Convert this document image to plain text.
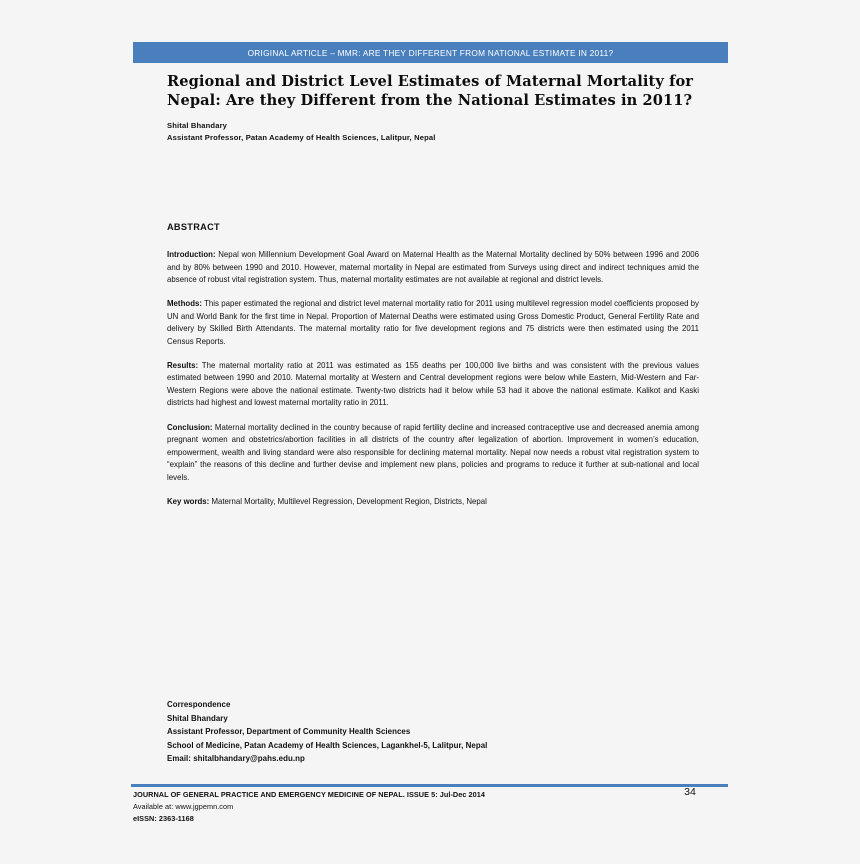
ORIGINAL ARTICLE – MMR: ARE THEY DIFFERENT FROM NATIONAL ESTIMATE IN 2011?
Regional and District Level Estimates of Maternal Mortality for Nepal: Are they Different from the National Estimates in 2011?
Shital Bhandary
Assistant Professor, Patan Academy of Health Sciences, Lalitpur, Nepal
ABSTRACT

Introduction: Nepal won Millennium Development Goal Award on Maternal Health as the Maternal Mortality declined by 50% between 1996 and 2006 and by 80% between 1990 and 2010. However, maternal mortality in Nepal are estimated from Surveys using direct and indirect techniques amid the absence of robust vital registration system. Thus, maternal mortality estimates are not available at regional and district levels.

Methods: This paper estimated the regional and district level maternal mortality ratio for 2011 using multilevel regression model coefficients proposed by UN and World Bank for the first time in Nepal. Proportion of Maternal Deaths were estimated using Gross Domestic Product, General Fertility Rate and delivery by Skilled Birth Attendants. The maternal mortality ratio for five development regions and 75 districts were then estimated using the 2011 Census Reports.

Results: The maternal mortality ratio at 2011 was estimated as 155 deaths per 100,000 live births and was consistent with the previous values estimated between 1990 and 2010. Maternal mortality at Western and Central development regions were below while Eastern, Mid-Western and Far-Western Regions were above the national estimate. Twenty-two districts had it below while 53 had it above the national estimate. Kalikot and Kaski districts had highest and lowest maternal mortality ratio in 2011.

Conclusion: Maternal mortality declined in the country because of rapid fertility decline and increased contraceptive use and decreased anemia among pregnant women and obstetrics/abortion facilities in all districts of the country after legalization of abortion. Improvement in women’s education, empowerment, wealth and living standard were also responsible for declining maternal mortality. Nepal now needs a robust vital registration system to “explain” the reasons of this decline and further devise and implement new plans, policies and programs to reduce it further at sub-national and local levels.

Key words: Maternal Mortality, Multilevel Regression, Development Region, Districts, Nepal

Correspondence
Shital Bhandary
Assistant Professor, Department of Community Health Sciences
School of Medicine, Patan Academy of Health Sciences, Lagankhel-5, Lalitpur, Nepal
Email: shitalbhandary@pahs.edu.np
JOURNAL OF GENERAL PRACTICE AND EMERGENCY MEDICINE OF NEPAL. ISSUE 5: Jul-Dec 2014
Available at: www.jgpemn.com
eISSN: 2363-1168
34
